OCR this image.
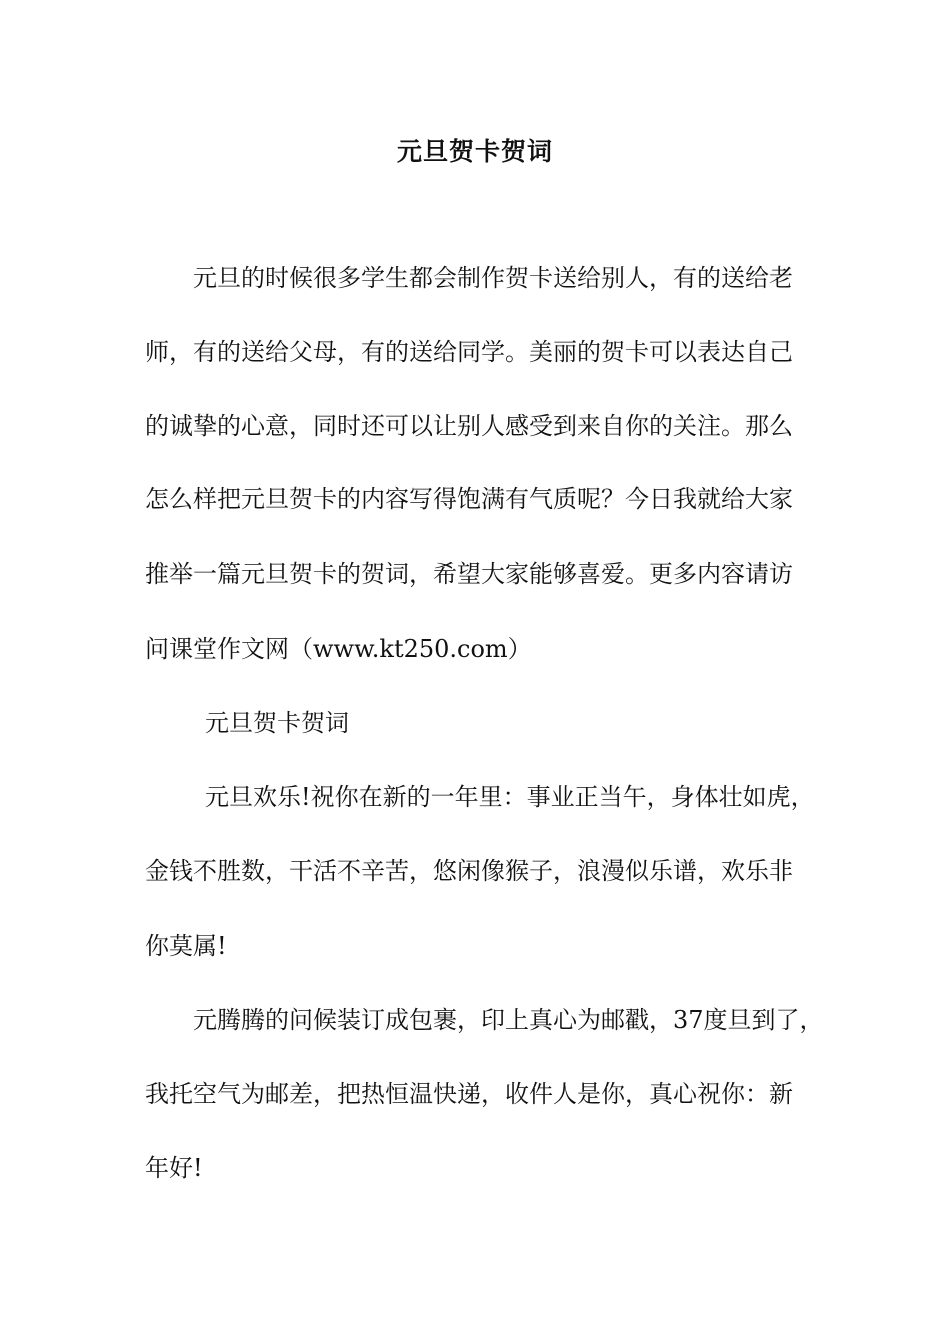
元旦贺卡贺词
元旦的时候很多学生都会制作贺卡送给别人，有的送给老
师，有的送给父母，有的送给同学。美丽的贺卡可以表达自己
的诚挚的心意，同时还可以让别人感受到来自你的关注。那么
怎么样把元旦贺卡的内容写得饱满有气质呢？今日我就给大家
推举一篇元旦贺卡的贺词，希望大家能够喜爱。更多内容请访
问课堂作文网（www.kt250.com）
元旦贺卡贺词
元旦欢乐!祝你在新的一年里：事业正当午，身体壮如虎，
金钱不胜数，干活不辛苦，悠闲像猴子，浪漫似乐谱，欢乐非
你莫属!
元腾腾的问候装订成包裹，印上真心为邮戳，37度旦到了，
我托空气为邮差，把热恒温快递，收件人是你，真心祝你：新
年好!
